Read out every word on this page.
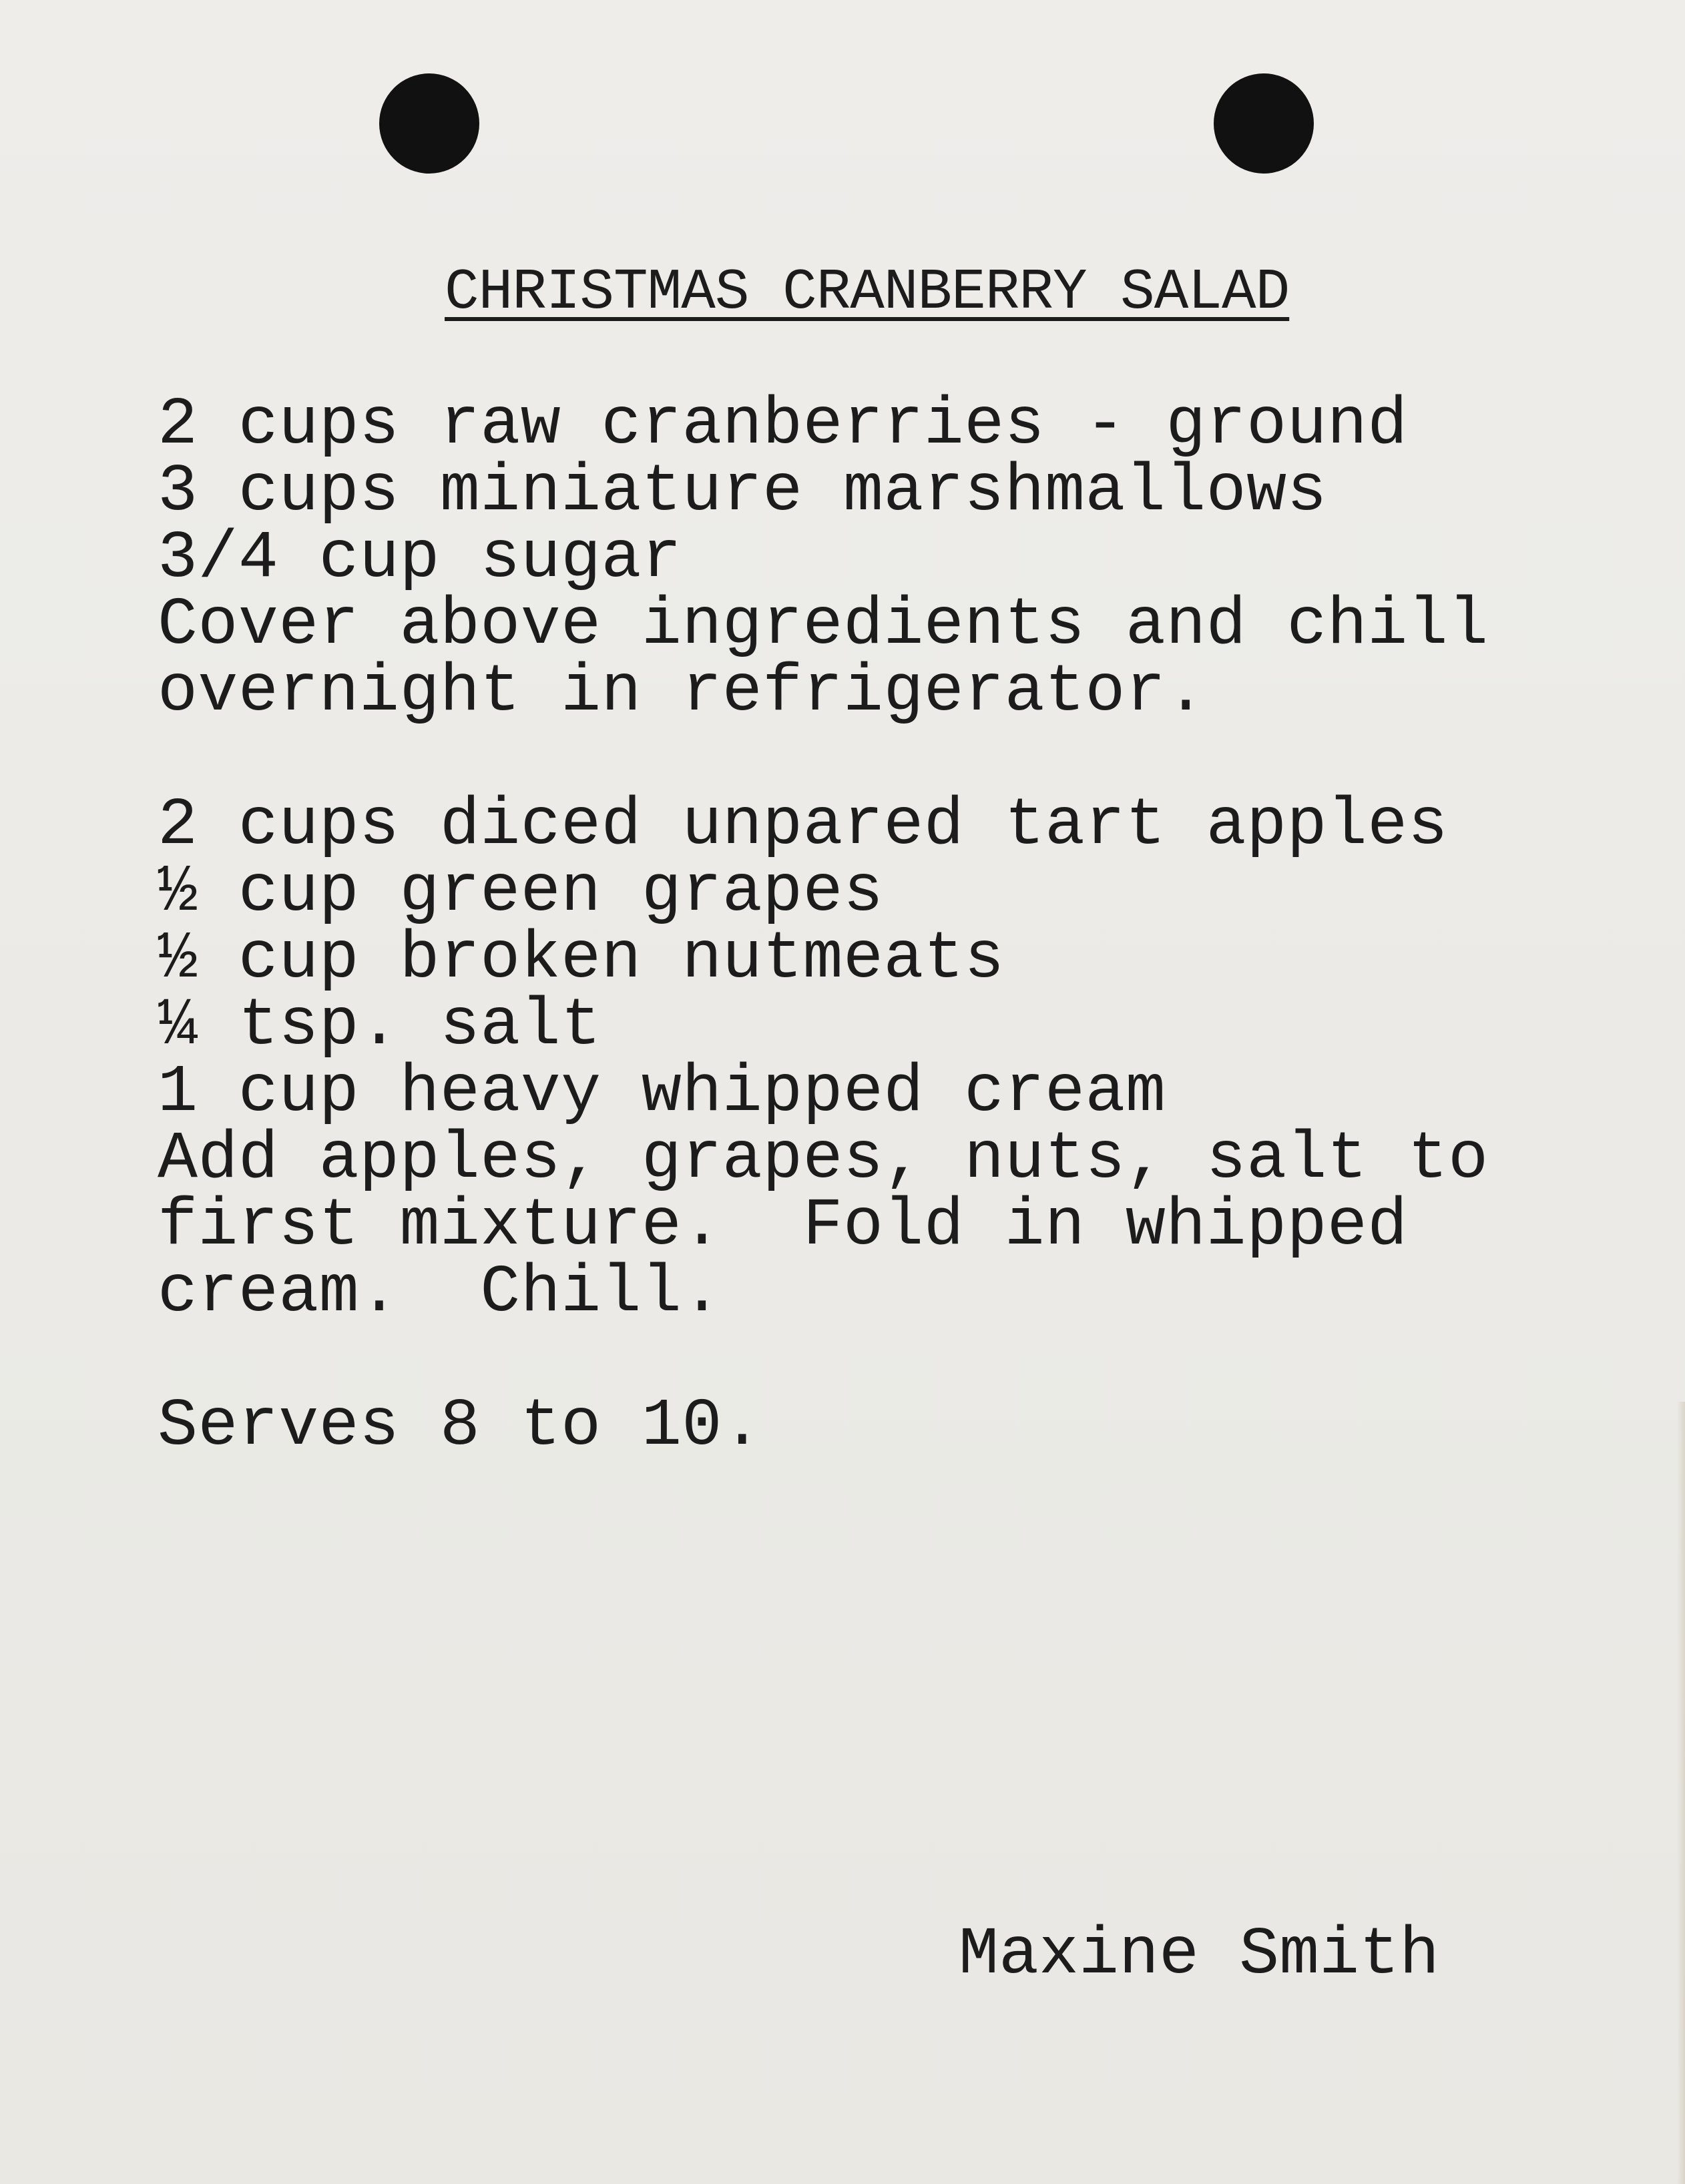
CHRISTMAS CRANBERRY SALAD
2 cups raw cranberries - ground
3 cups miniature marshmallows
3/4 cup sugar
Cover above ingredients and chill
overnight in refrigerator.
2 cups diced unpared tart apples
½ cup green grapes
½ cup broken nutmeats
¼ tsp. salt
1 cup heavy whipped cream
Add apples, grapes, nuts, salt to
first mixture.  Fold in whipped
cream.  Chill.
Serves 8 to 10.
Maxine Smith
